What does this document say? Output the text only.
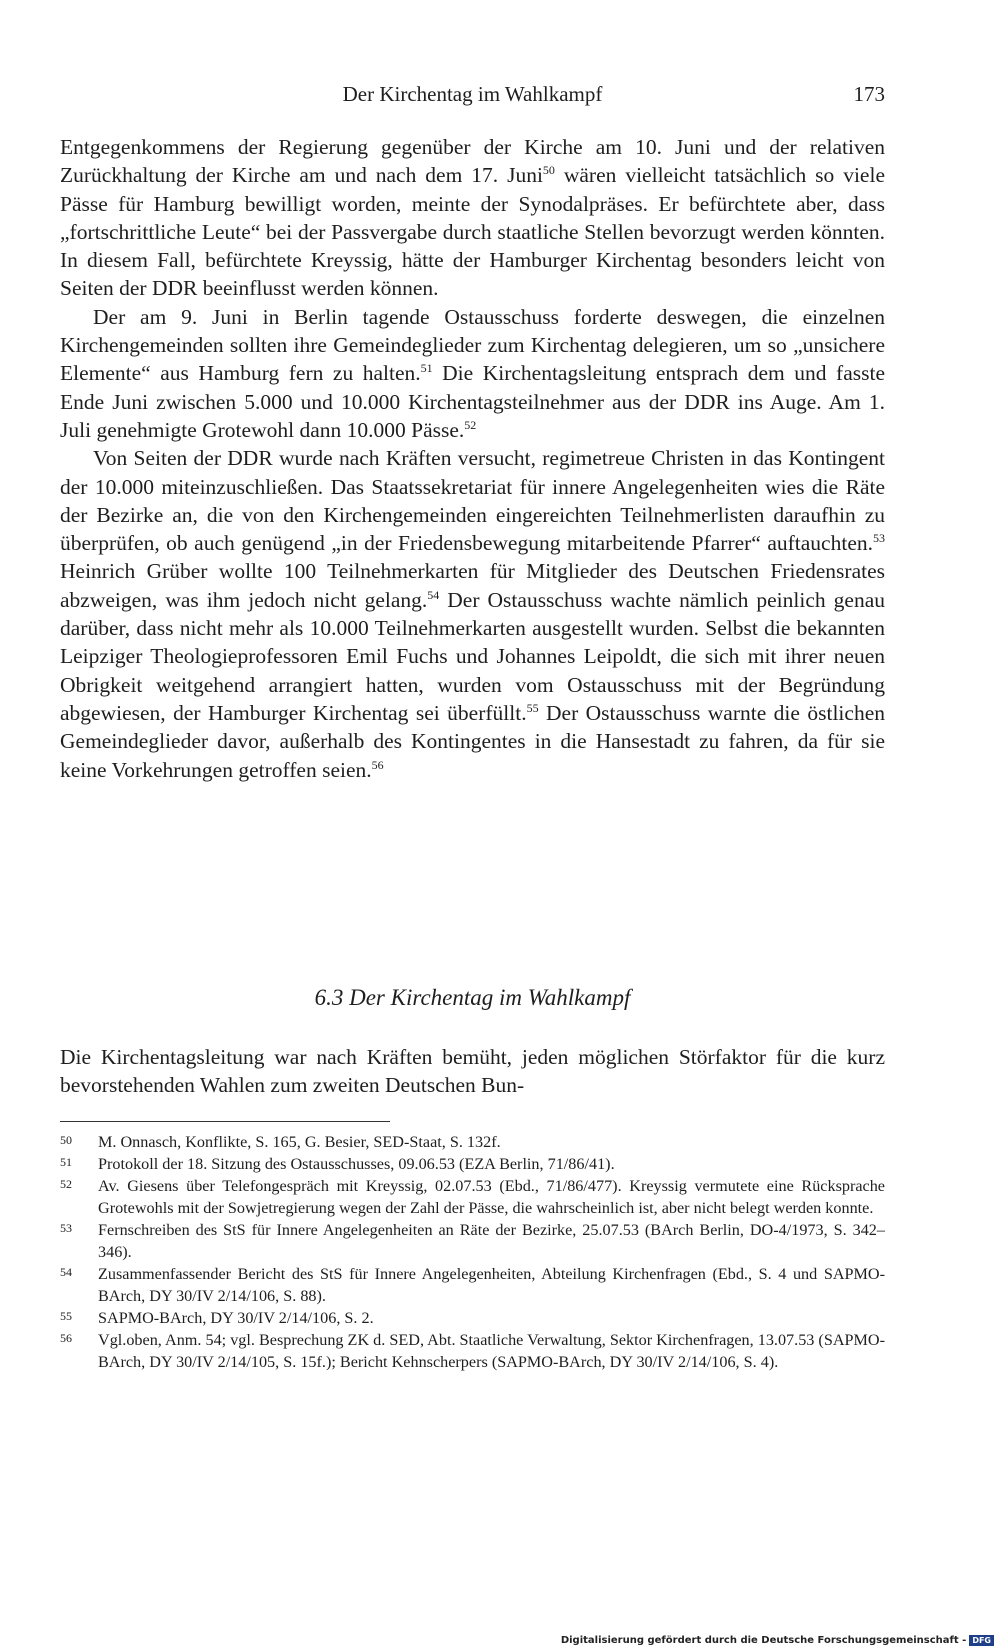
Der Kirchentag im Wahlkampf	173

Entgegenkommens der Regierung gegenüber der Kirche am 10. Juni und der relativen Zurückhaltung der Kirche am und nach dem 17. Juni$^{50}$ wären vielleicht tatsächlich so viele Pässe für Hamburg bewilligt worden, meinte der Synodalpräses. Er befürchtete aber, dass „fortschrittliche Leute“ bei der Passvergabe durch staatliche Stellen bevorzugt werden könnten. In diesem Fall, befürchtete Kreyssig, hätte der Hamburger Kirchentag besonders leicht von Seiten der DDR beeinflusst werden können.

Der am 9. Juni in Berlin tagende Ostausschuss forderte deswegen, die einzelnen Kirchengemeinden sollten ihre Gemeindeglieder zum Kirchentag delegieren, um so „unsichere Elemente“ aus Hamburg fern zu halten.$^{51}$ Die Kirchentagsleitung entsprach dem und fasste Ende Juni zwischen 5.000 und 10.000 Kirchentagsteilnehmer aus der DDR ins Auge. Am 1. Juli genehmigte Grotewohl dann 10.000 Pässe.$^{52}$

Von Seiten der DDR wurde nach Kräften versucht, regimetreue Christen in das Kontingent der 10.000 miteinzuschließen. Das Staatssekretariat für innere Angelegenheiten wies die Räte der Bezirke an, die von den Kirchengemeinden eingereichten Teilnehmerlisten daraufhin zu überprüfen, ob auch genügend „in der Friedensbewegung mitarbeitende Pfarrer“ auftauchten.$^{53}$ Heinrich Grüber wollte 100 Teilnehmerkarten für Mitglieder des Deutschen Friedensrates abzweigen, was ihm jedoch nicht gelang.$^{54}$ Der Ostausschuss wachte nämlich peinlich genau darüber, dass nicht mehr als 10.000 Teilnehmerkarten ausgestellt wurden. Selbst die bekannten Leipziger Theologieprofessoren Emil Fuchs und Johannes Leipoldt, die sich mit ihrer neuen Obrigkeit weitgehend arrangiert hatten, wurden vom Ostausschuss mit der Begründung abgewiesen, der Hamburger Kirchentag sei überfüllt.$^{55}$ Der Ostausschuss warnte die östlichen Gemeindeglieder davor, außerhalb des Kontingentes in die Hansestadt zu fahren, da für sie keine Vorkehrungen getroffen seien.$^{56}$

6.3 Der Kirchentag im Wahlkampf

Die Kirchentagsleitung war nach Kräften bemüht, jeden möglichen Störfaktor für die kurz bevorstehenden Wahlen zum zweiten Deutschen Bun-

50	M. Onnasch, Konflikte, S. 165, G. Besier, SED-Staat, S. 132f.
51	Protokoll der 18. Sitzung des Ostausschusses, 09.06.53 (EZA Berlin, 71/86/41).
52	Av. Giesens über Telefongespräch mit Kreyssig, 02.07.53 (Ebd., 71/86/477). Kreyssig vermutete eine Rücksprache Grotewohls mit der Sowjetregierung wegen der Zahl der Pässe, die wahrscheinlich ist, aber nicht belegt werden konnte.
53	Fernschreiben des StS für Innere Angelegenheiten an Räte der Bezirke, 25.07.53 (BArch Berlin, DO-4/1973, S. 342–346).
54	Zusammenfassender Bericht des StS für Innere Angelegenheiten, Abteilung Kirchenfragen (Ebd., S. 4 und SAPMO-BArch, DY 30/IV 2/14/106, S. 88).
55	SAPMO-BArch, DY 30/IV 2/14/106, S. 2.
56	Vgl.oben, Anm. 54; vgl. Besprechung ZK d. SED, Abt. Staatliche Verwaltung, Sektor Kirchenfragen, 13.07.53 (SAPMO-BArch, DY 30/IV 2/14/105, S. 15f.); Bericht Kehnscherpers (SAPMO-BArch, DY 30/IV 2/14/106, S. 4).
Digitalisierung gefördert durch die Deutsche Forschungsgemeinschaft - DFG
